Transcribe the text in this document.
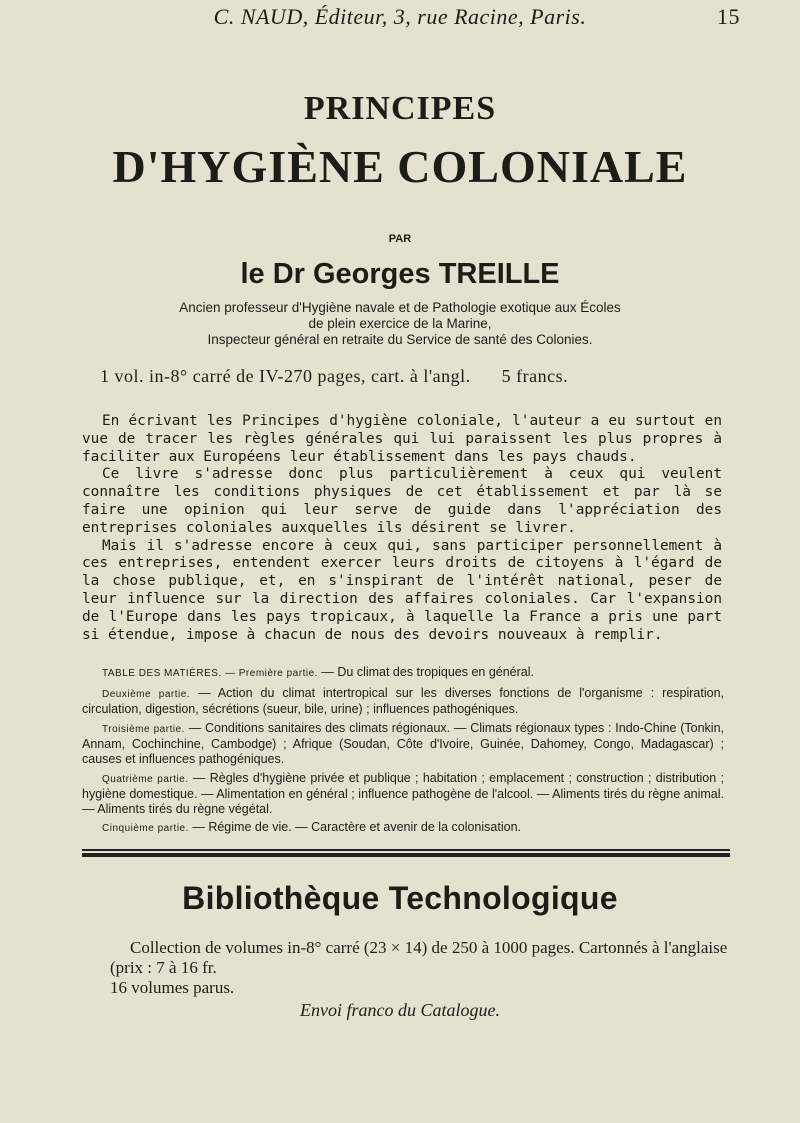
C. NAUD, Éditeur, 3, rue Racine, Paris.	15
PRINCIPES
D'HYGIÈNE COLONIALE
PAR
le Dr Georges TREILLE
Ancien professeur d'Hygiène navale et de Pathologie exotique aux Écoles
de plein exercice de la Marine,
Inspecteur général en retraite du Service de santé des Colonies.
1 vol. in-8° carré de IV-270 pages, cart. à l'angl. 5 francs.

En écrivant les Principes d'hygiène coloniale, l'auteur a eu surtout en vue de tracer les règles générales qui lui paraissent les plus propres à faciliter aux Européens leur établissement dans les pays chauds.

Ce livre s'adresse donc plus particulièrement à ceux qui veulent connaître les conditions physiques de cet établissement et par là se faire une opinion qui leur serve de guide dans l'appréciation des entreprises coloniales auxquelles ils désirent se livrer.

Mais il s'adresse encore à ceux qui, sans participer personnellement à ces entreprises, entendent exercer leurs droits de citoyens à l'égard de la chose publique, et, en s'inspirant de l'intérêt national, peser de leur influence sur la direction des affaires coloniales. Car l'expansion de l'Europe dans les pays tropicaux, à laquelle la France a pris une part si étendue, impose à chacun de nous des devoirs nouveaux à remplir.

TABLE DES MATIÈRES. — Première partie. — Du climat des tropiques en général.

Deuxième partie. — Action du climat intertropical sur les diverses fonctions de l'organisme : respiration, circulation, digestion, sécrétions (sueur, bile, urine) ; influences pathogéniques.

Troisième partie. — Conditions sanitaires des climats régionaux. — Climats régionaux types : Indo-Chine (Tonkin, Annam, Cochinchine, Cambodge) ; Afrique (Soudan, Côte d'Ivoire, Guinée, Dahomey, Congo, Madagascar) ; causes et influences pathogéniques.

Quatrième partie. — Règles d'hygiène privée et publique ; habitation ; emplacement ; construction ; distribution ; hygiène domestique. — Alimentation en général ; influence pathogène de l'alcool. — Aliments tirés du règne animal. — Aliments tirés du règne végétal.

Cinquième partie. — Régime de vie. — Caractère et avenir de la colonisation.

Bibliothèque Technologique

Collection de volumes in-8° carré (23 × 14) de 250 à 1000 pages. Cartonnés à l'anglaise (prix : 7 à 16 fr.

16 volumes parus.
Envoi franco du Catalogue.
